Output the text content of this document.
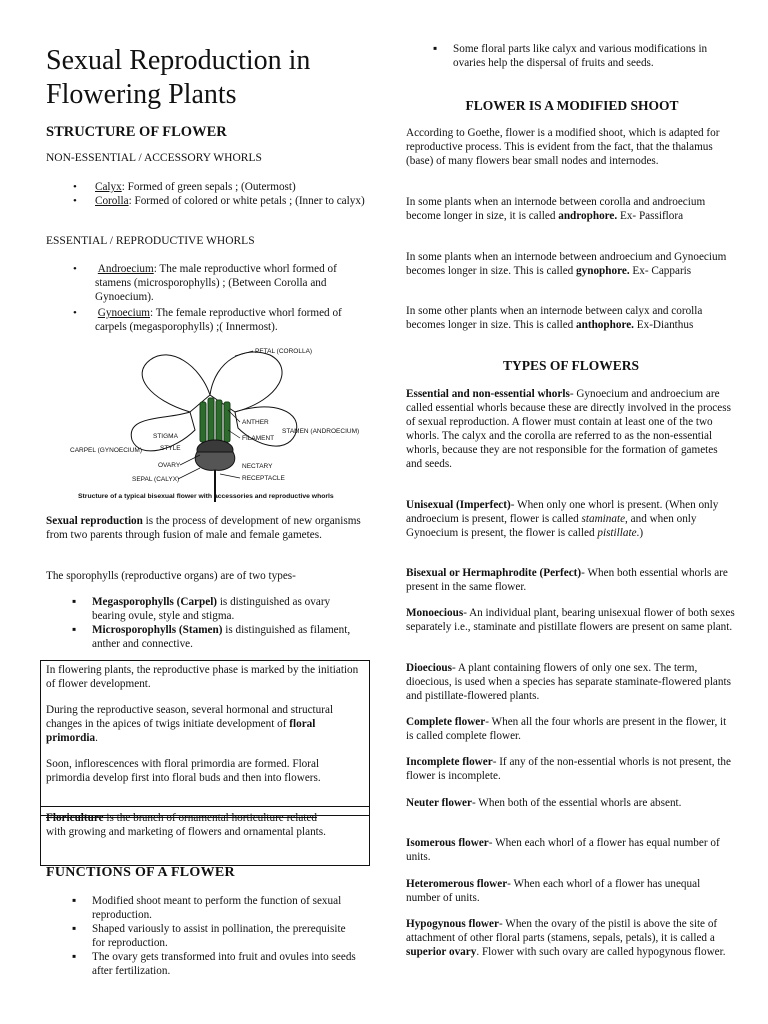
Sexual Reproduction in
Flowering Plants
STRUCTURE OF FLOWER
NON-ESSENTIAL / ACCESSORY WHORLS
• Calyx: Formed of green sepals ; (Outermost)
• Corolla: Formed of colored or white petals ; (Inner to calyx)
ESSENTIAL / REPRODUCTIVE WHORLS
• Androecium: The male reproductive whorl formed of stamens (microsporophylls) ; (Between Corolla and Gynoecium).
• Gynoecium: The female reproductive whorl formed of carpels (megasporophylls) ;( Innermost).
PETAL (COROLLA)
ANTHER
FILAMENT
STAMEN (ANDROECIUM)
STIGMA
STYLE
CARPEL (GYNOECIUM)
OVARY	NECTARY
SEPAL (CALYX)	RECEPTACLE
Structure of a typical bisexual flower with accessories and reproductive whorls

Sexual reproduction is the process of development of new organisms from two parents through fusion of male and female gametes.

The sporophylls (reproductive organs) are of two types-

▪ Megasporophylls (Carpel) is distinguished as ovary bearing ovule, style and stigma.
▪ Microsporophylls (Stamen) is distinguished as filament, anther and connective.

In flowering plants, the reproductive phase is marked by the initiation of flower development.

During the reproductive season, several hormonal and structural changes in the apices of twigs initiate development of floral primordia.

Soon, inflorescences with floral primordia are formed. Floral primordia develop first into floral buds and then into flowers.

Floriculture is the branch of ornamental horticulture related
with growing and marketing of flowers and ornamental plants.

FUNCTIONS OF A FLOWER
▪ Modified shoot meant to perform the function of sexual reproduction.
▪ Shaped variously to assist in pollination, the prerequisite for reproduction.
▪ The ovary gets transformed into fruit and ovules into seeds after fertilization.
▪ Some floral parts like calyx and various modifications in ovaries help the dispersal of fruits and seeds.
FLOWER IS A MODIFIED SHOOT

According to Goethe, flower is a modified shoot, which is adapted for reproductive process. This is evident from the fact, that the thalamus (base) of many flowers bear small nodes and internodes.

In some plants when an internode between corolla and androecium become longer in size, it is called androphore. Ex- Passiflora

In some plants when an internode between androecium and Gynoecium becomes longer in size. This is called gynophore. Ex- Capparis

In some other plants when an internode between calyx and corolla becomes longer in size. This is called anthophore. Ex-Dianthus

TYPES OF FLOWERS

Essential and non-essential whorls- Gynoecium and androecium are called essential whorls because these are directly involved in the process of sexual reproduction. A flower must contain at least one of the two whorls. The calyx and the corolla are referred to as the non-essential whorls, because they are not responsible for the formation of gametes and seeds.

Unisexual (Imperfect)- When only one whorl is present. (When only androecium is present, flower is called staminate, and when only Gynoecium is present, the flower is called pistillate.)

Bisexual or Hermaphrodite (Perfect)- When both essential whorls are present in the same flower.

Monoecious- An individual plant, bearing unisexual flower of both sexes separately i.e., staminate and pistillate flowers are present on same plant.

Dioecious- A plant containing flowers of only one sex. The term, dioecious, is used when a species has separate staminate-flowered plants and pistillate-flowered plants.

Complete flower- When all the four whorls are present in the flower, it is called complete flower.

Incomplete flower- If any of the non-essential whorls is not present, the flower is incomplete.

Neuter flower- When both of the essential whorls are absent.

Isomerous flower- When each whorl of a flower has equal number of units.

Heteromerous flower- When each whorl of a flower has unequal number of units.

Hypogynous flower- When the ovary of the pistil is above the site of attachment of other floral parts (stamens, sepals, petals), it is called a superior ovary. Flower with such ovary are called hypogynous flower.
